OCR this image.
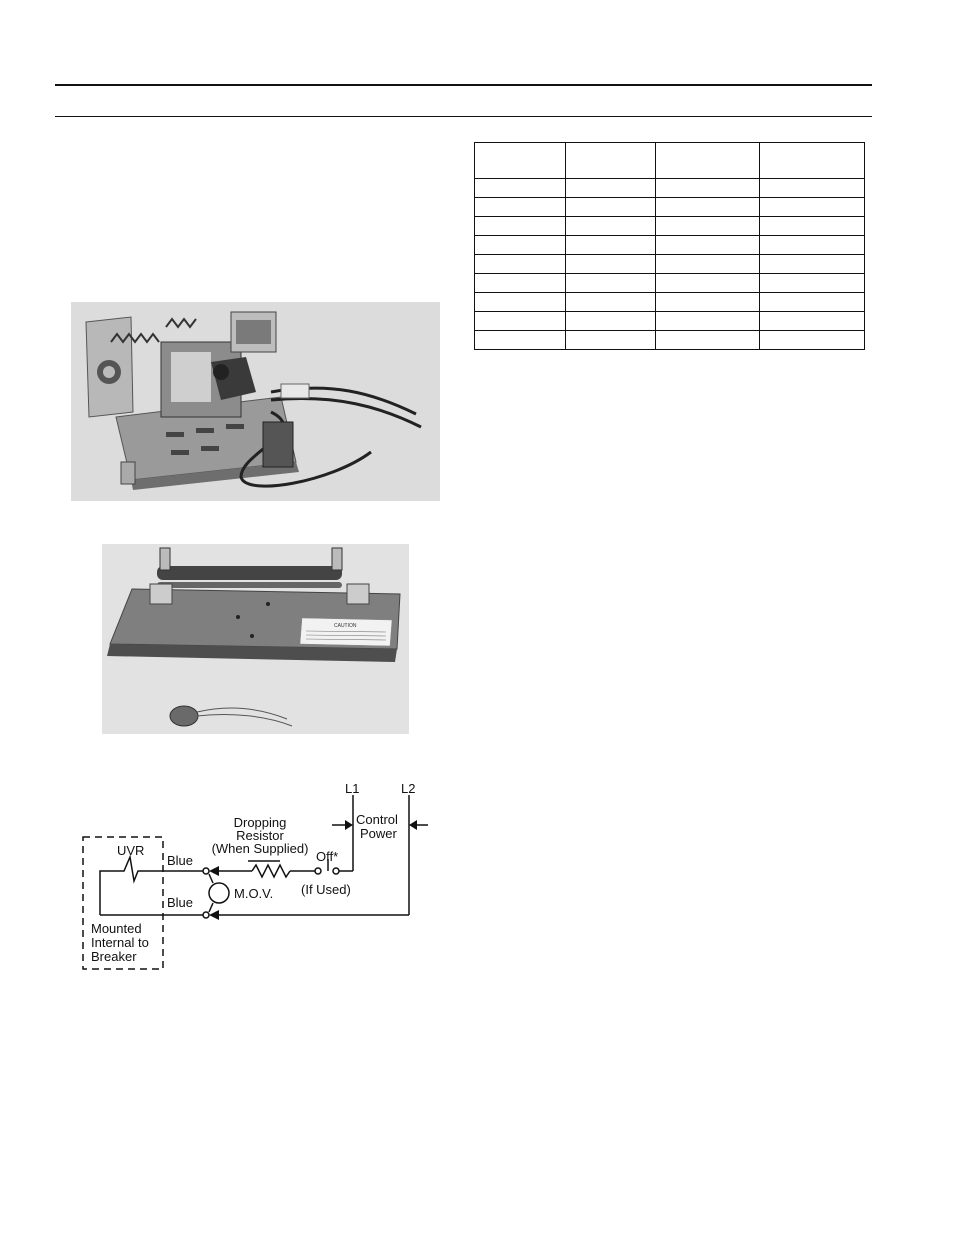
CAUTION
UVR
Mounted
Internal to
Breaker
Blue
Blue
M.O.V.
Dropping
Resistor
(When Supplied)
Off*
(If Used)
L1	L2
Control
Power
